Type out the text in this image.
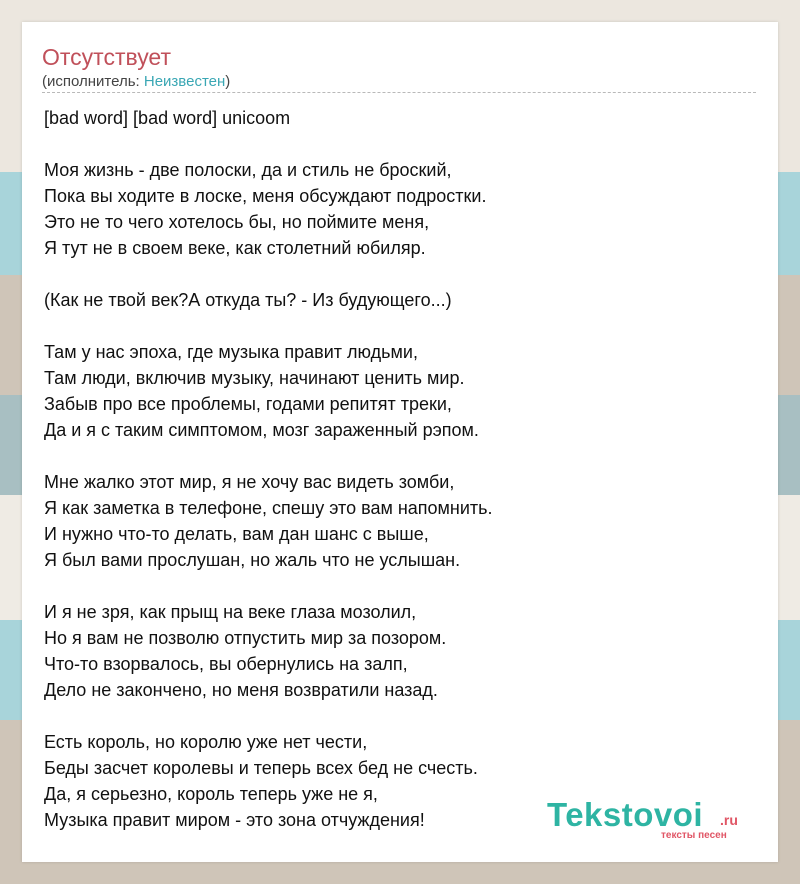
Отсутствует
(исполнитель: Неизвестен)
[bad word] [bad word] unicoom
Моя жизнь - две полоски, да и стиль не броский,
Пока вы ходите в лоске, меня обсуждают подростки.
Это не то чего хотелось бы, но поймите меня,
Я тут не в своем веке, как столетний юбиляр.
(Как не твой век?А откуда ты? - Из будующего...)
Там у нас эпоха, где музыка правит людьми,
Там люди, включив музыку, начинают ценить мир.
Забыв про все проблемы, годами репитят треки,
Да и я с таким симптомом, мозг зараженный рэпом.
Мне жалко этот мир, я не хочу вас видеть зомби,
Я как заметка в телефоне, спешу это вам напомнить.
И нужно что-то делать, вам дан шанс с выше,
Я был вами прослушан, но жаль что не услышан.
И я не зря, как прыщ на веке глаза мозолил,
Но я вам не позволю отпустить мир за позором.
Что-то взорвалось, вы обернулись на залп,
Дело не закончено, но меня возвратили назад.
Есть король, но королю уже нет чести,
Беды засчет королевы и теперь всех бед не счесть.
Да, я серьезно, король теперь уже не я,
Музыка правит миром - это зона отчуждения!	Tekstovoi .ru
тексты песен
